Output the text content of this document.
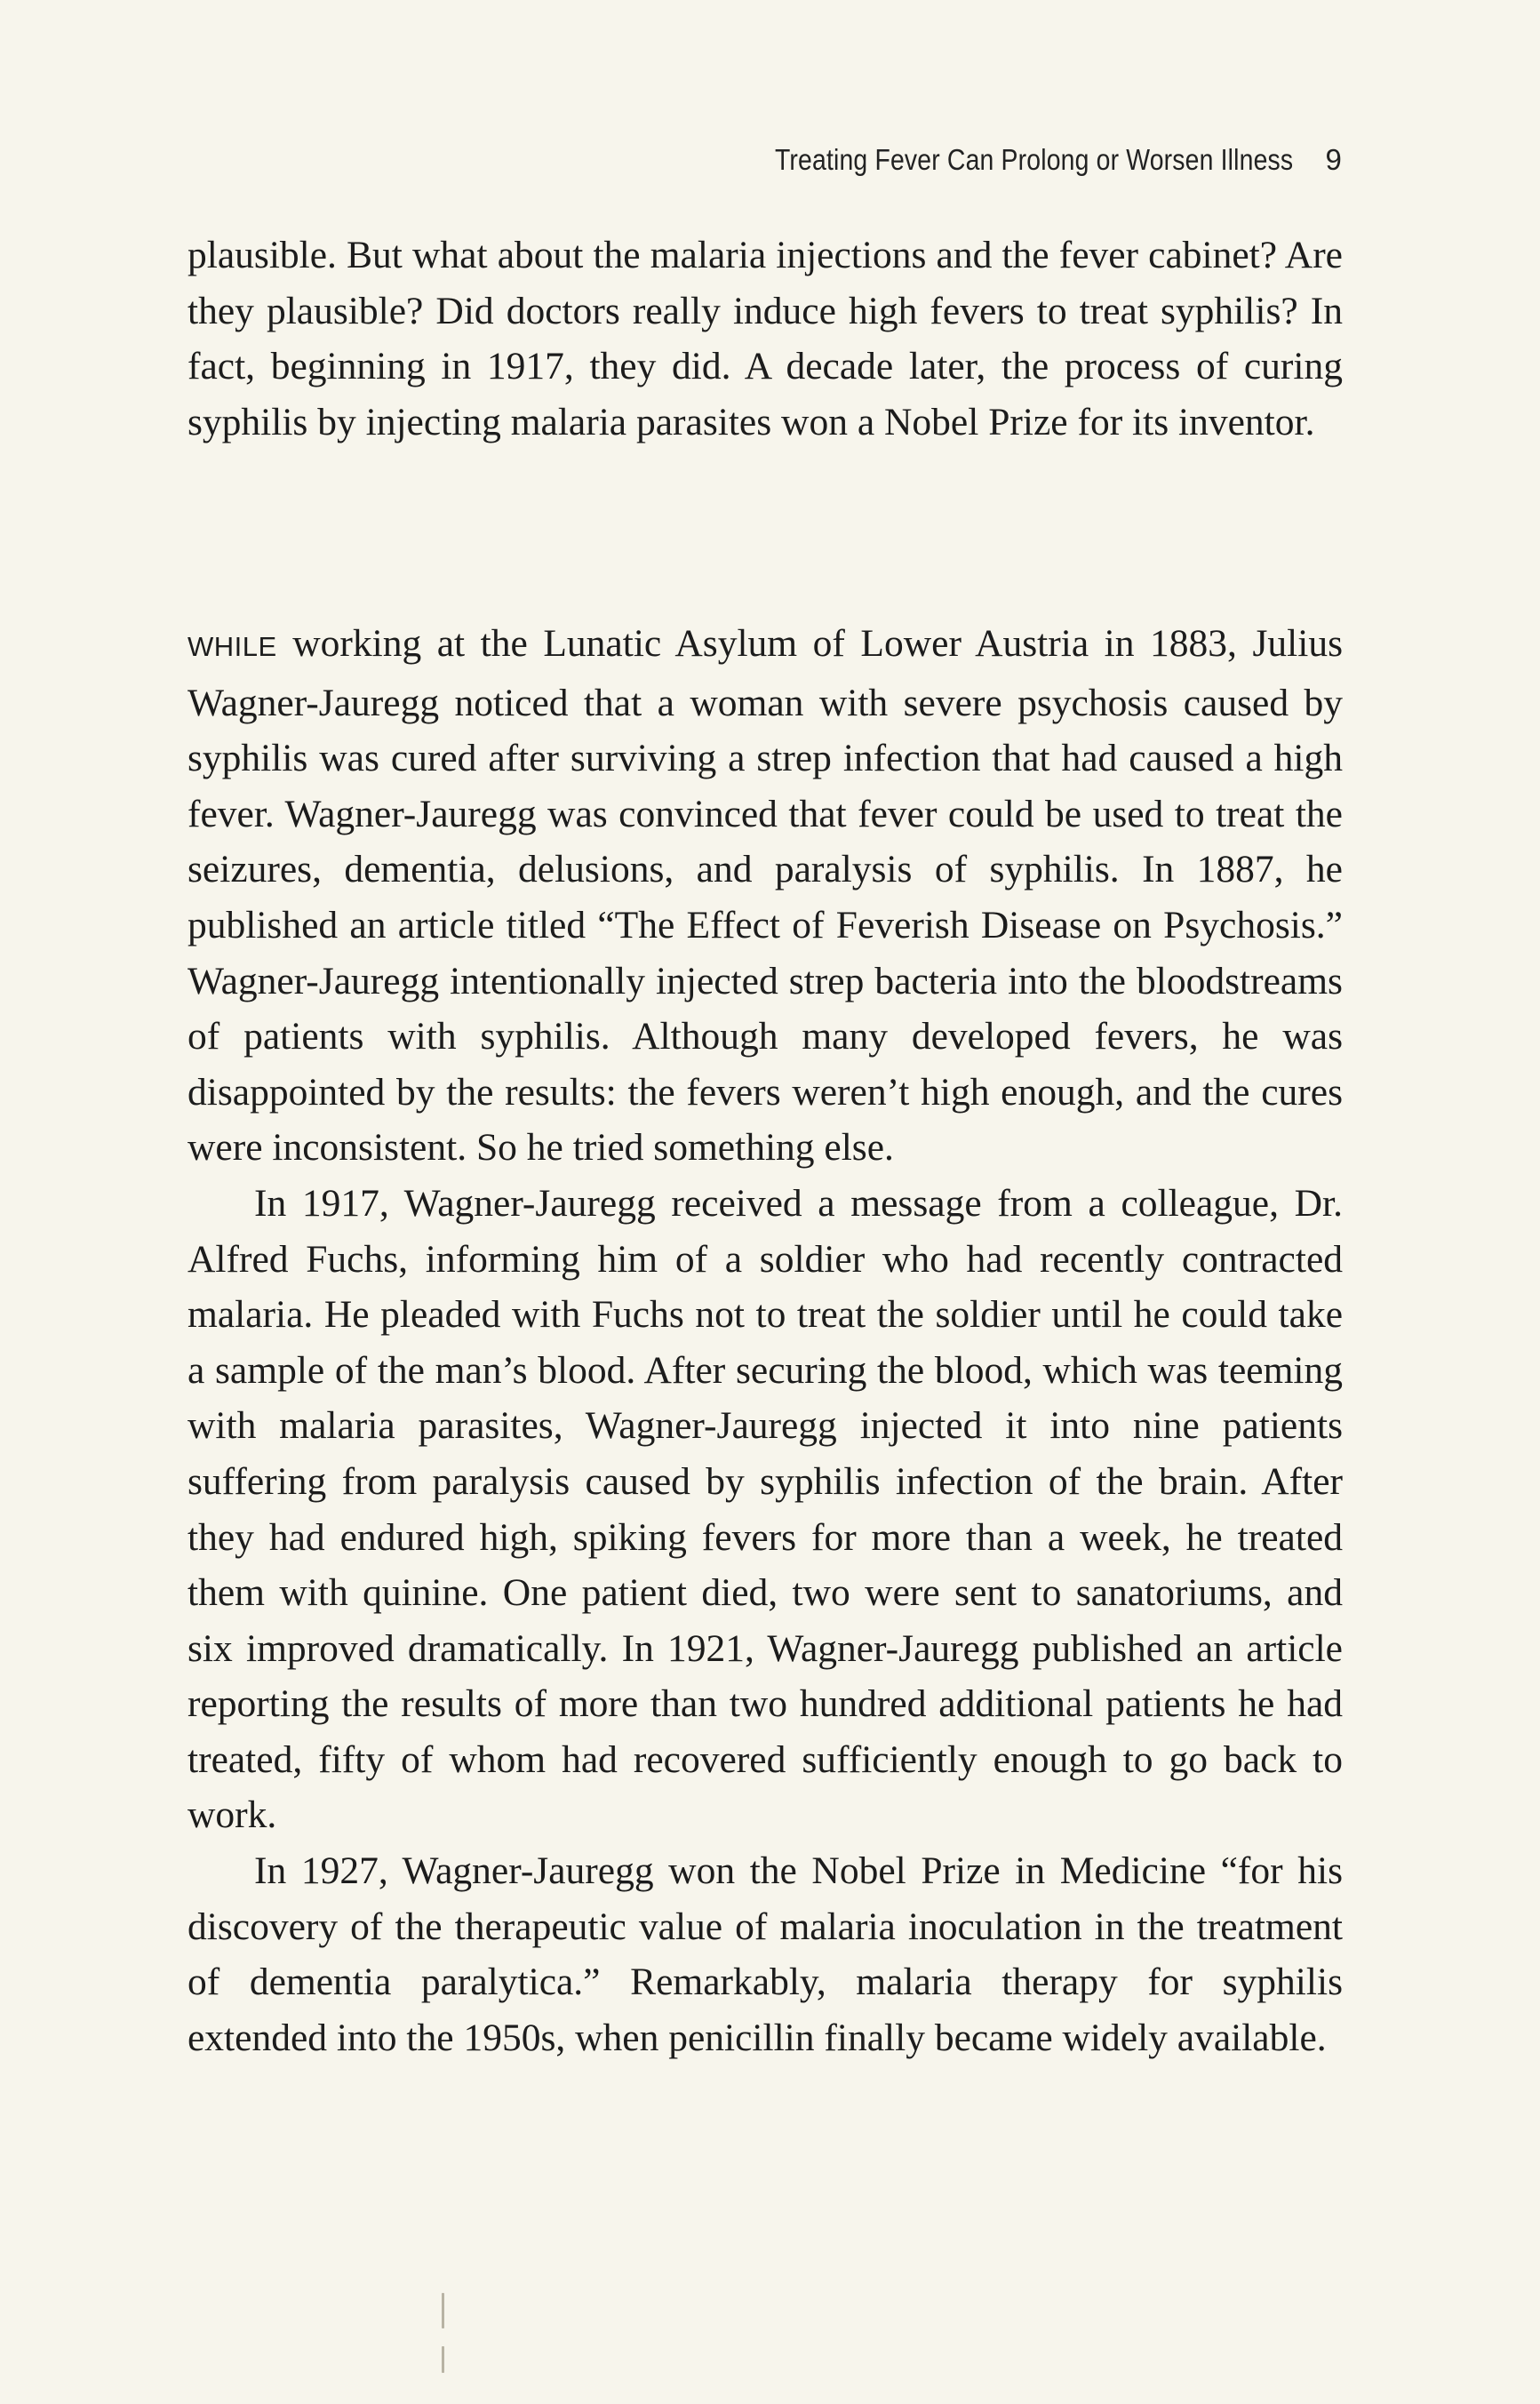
Treating Fever Can Prolong or Worsen Illness 9

plausible. But what about the malaria injections and the fever cabinet? Are they plausible? Did doctors really induce high fevers to treat syphilis? In fact, beginning in 1917, they did. A decade later, the process of curing syphilis by injecting malaria parasites won a Nobel Prize for its inventor.

WHILE working at the Lunatic Asylum of Lower Austria in 1883, Julius Wagner-Jauregg noticed that a woman with severe psychosis caused by syphilis was cured after surviving a strep infection that had caused a high fever. Wagner-Jauregg was convinced that fever could be used to treat the seizures, dementia, delusions, and paralysis of syphilis. In 1887, he published an article titled “The Effect of Feverish Disease on Psychosis.” Wagner-Jauregg intentionally injected strep bacteria into the bloodstreams of patients with syphilis. Although many developed fevers, he was disappointed by the results: the fevers weren’t high enough, and the cures were inconsistent. So he tried something else.

In 1917, Wagner-Jauregg received a message from a colleague, Dr. Alfred Fuchs, informing him of a soldier who had recently contracted malaria. He pleaded with Fuchs not to treat the soldier until he could take a sample of the man’s blood. After securing the blood, which was teeming with malaria parasites, Wagner-Jauregg injected it into nine patients suffering from paralysis caused by syphilis infection of the brain. After they had endured high, spiking fevers for more than a week, he treated them with quinine. One patient died, two were sent to sanatoriums, and six improved dramatically. In 1921, Wagner-Jauregg published an article reporting the results of more than two hundred additional patients he had treated, fifty of whom had recovered sufficiently enough to go back to work.

In 1927, Wagner-Jauregg won the Nobel Prize in Medicine “for his discovery of the therapeutic value of malaria inoculation in the treatment of dementia paralytica.” Remarkably, malaria therapy for syphilis extended into the 1950s, when penicillin finally became widely available.
